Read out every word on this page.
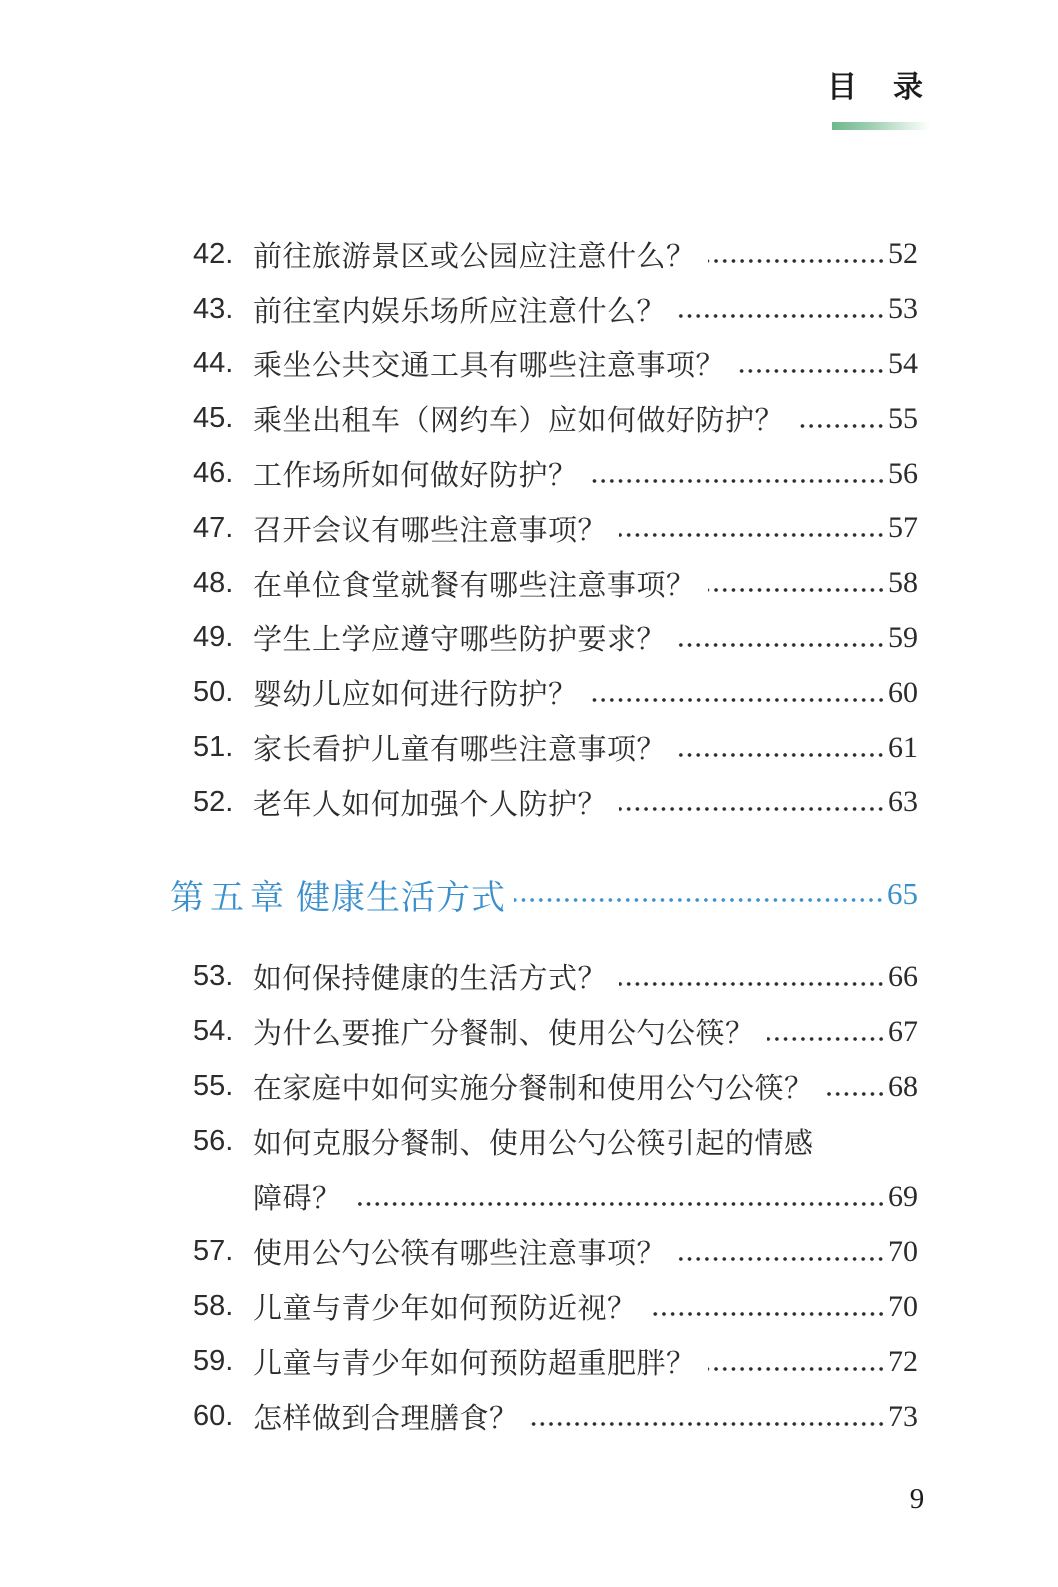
目 录
42. 前往旅游景区或公园应注意什么？	52
43. 前往室内娱乐场所应注意什么？	53
44. 乘坐公共交通工具有哪些注意事项？	54
45. 乘坐出租车（网约车）应如何做好防护？	55
46. 工作场所如何做好防护？	56
47. 召开会议有哪些注意事项？	57
48. 在单位食堂就餐有哪些注意事项？	58
49. 学生上学应遵守哪些防护要求？	59
50. 婴幼儿应如何进行防护？	60
51. 家长看护儿童有哪些注意事项？	61
52. 老年人如何加强个人防护？	63
第五章 健康生活方式	65
53. 如何保持健康的生活方式？	66
54. 为什么要推广分餐制、使用公勺公筷？	67
55. 在家庭中如何实施分餐制和使用公勺公筷？ 68
56. 如何克服分餐制、使用公勺公筷引起的情感
障碍？	69
57. 使用公勺公筷有哪些注意事项？	70
58. 儿童与青少年如何预防近视？	70
59. 儿童与青少年如何预防超重肥胖？	72
60. 怎样做到合理膳食？	73
9
